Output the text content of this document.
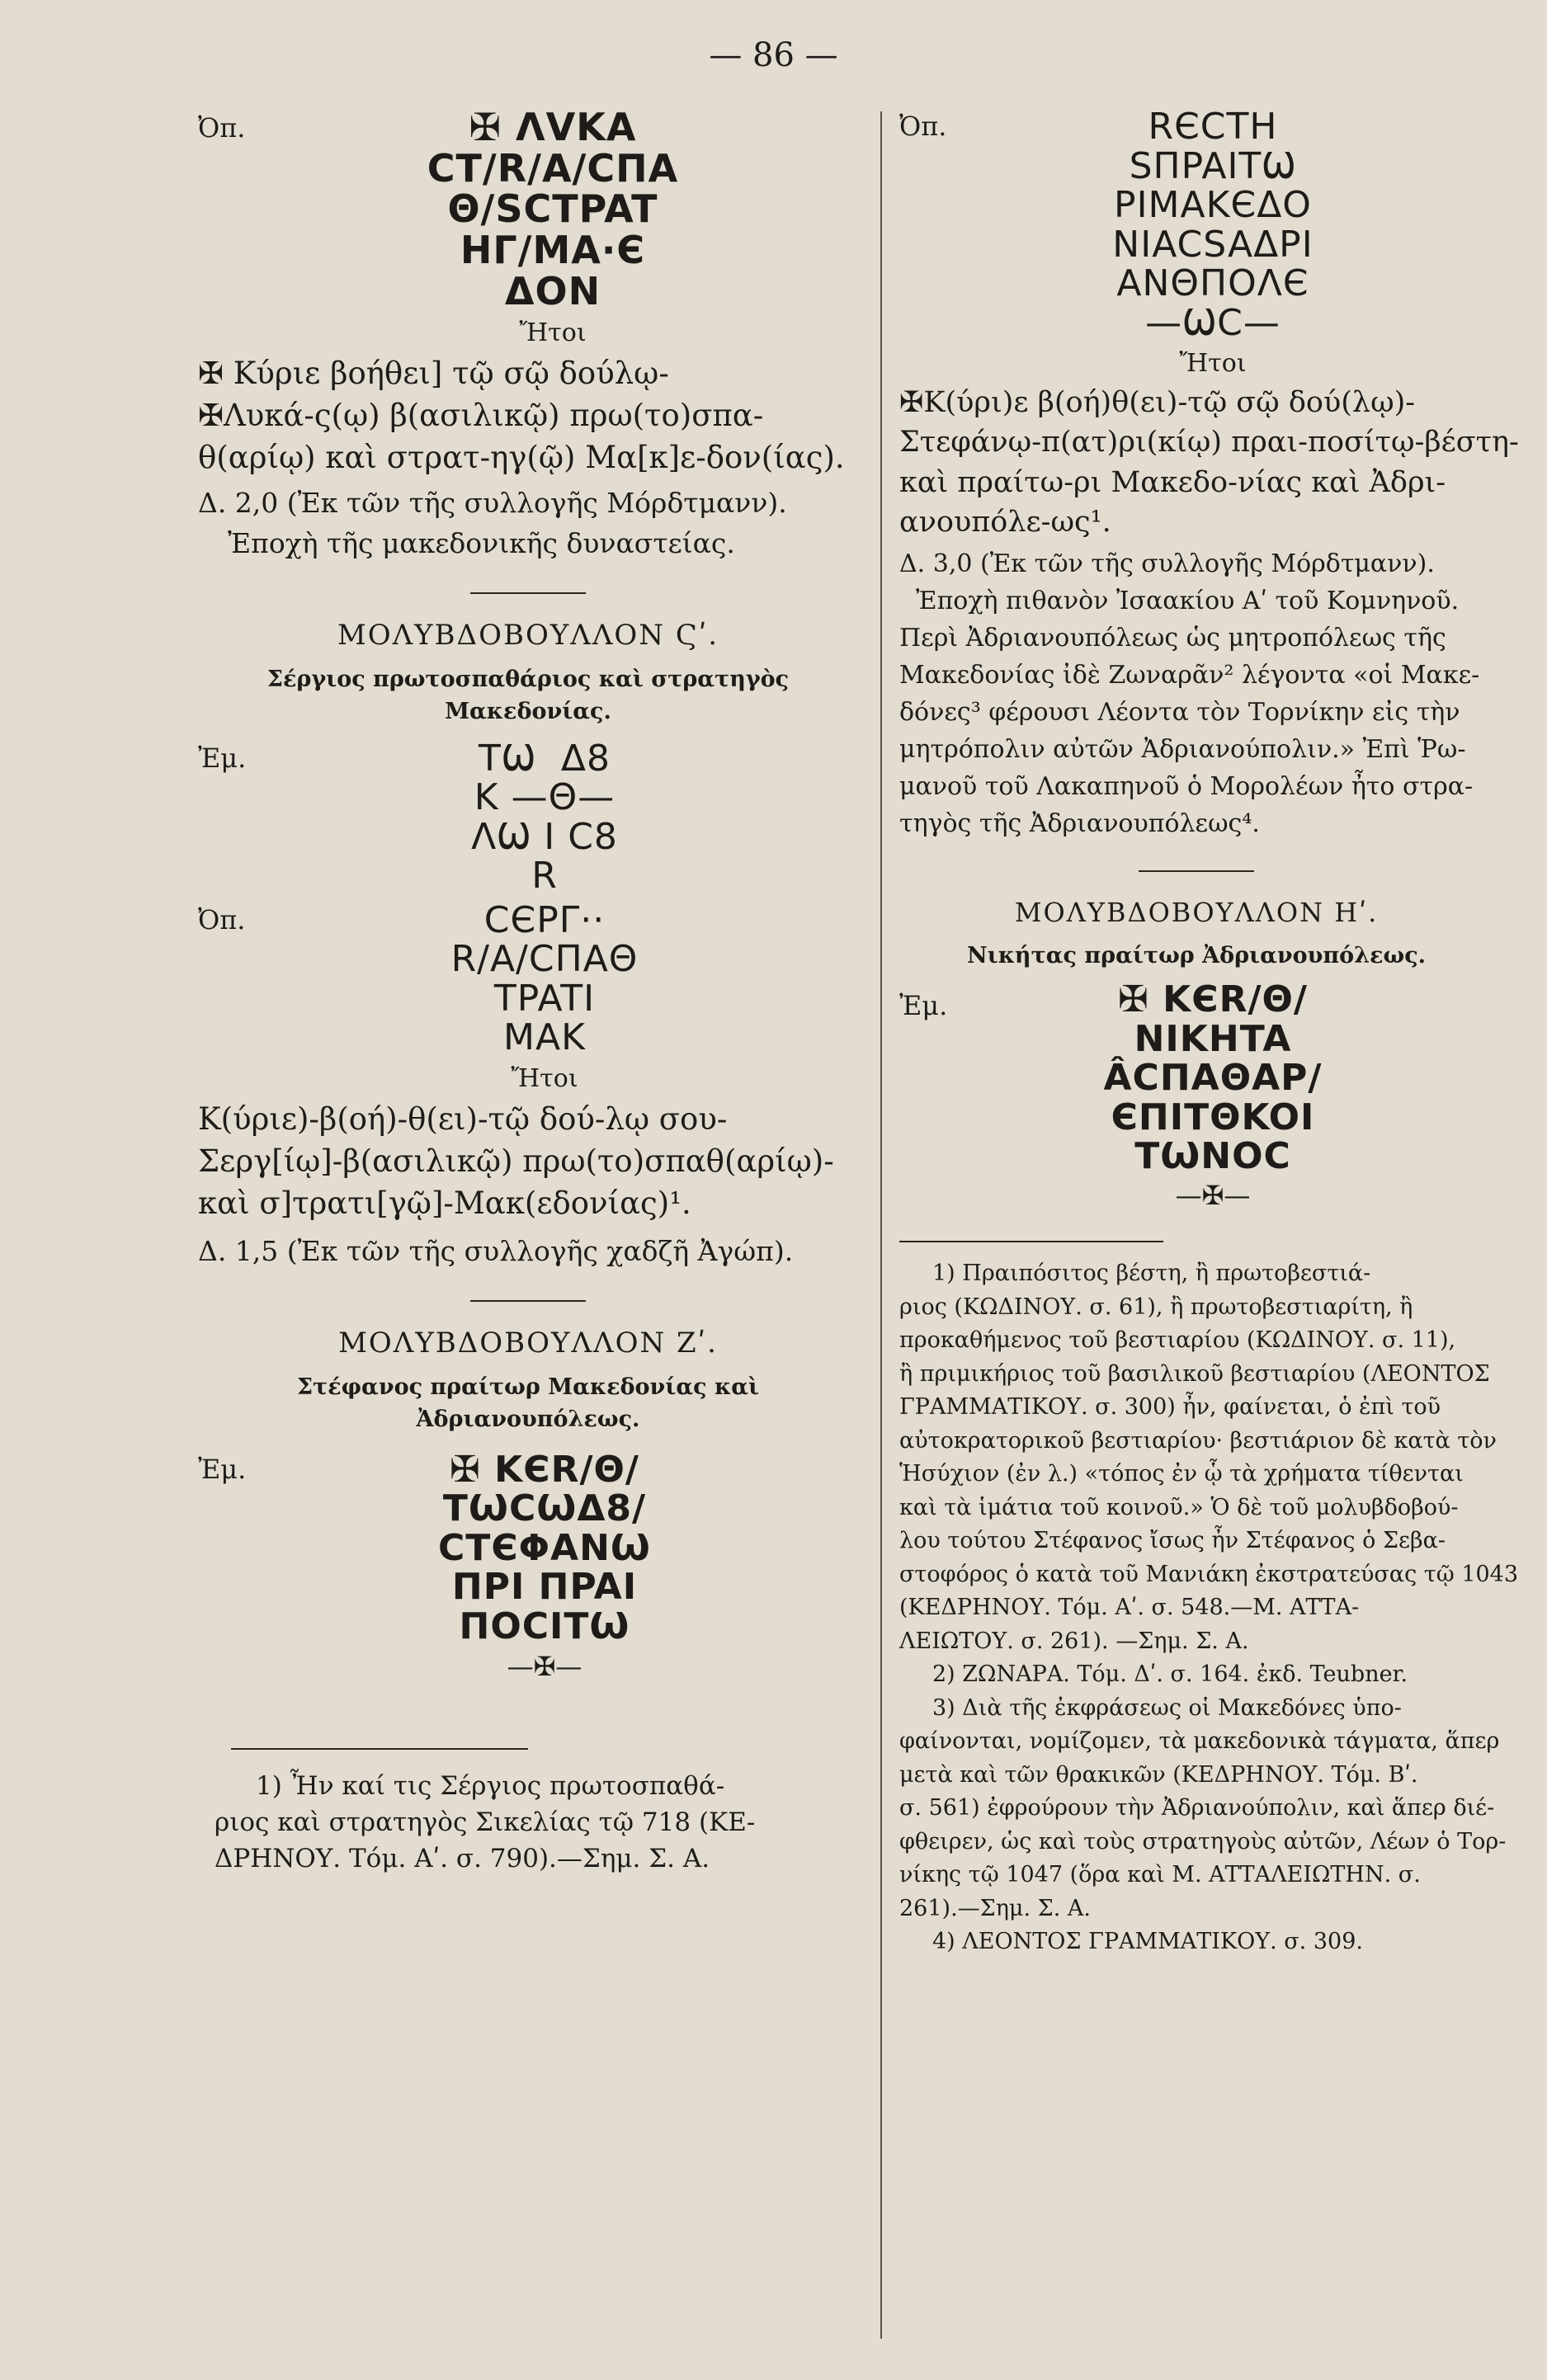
— 86 —
Ὀπ.	✠ ΛVΚΑ
CT/R/A/CΠA
Θ/SCTPAT
HΓ/MA·Є
ΔON
Ἤτοι
✠ Κύριε βοήθει] τῷ σῷ δούλῳ-
✠Λυκά-ς(ῳ) β(ασιλικῷ) πρω(το)σπα-
θ(αρίῳ) καὶ στρατ-ηγ(ῷ) Μα[κ]ε-δον(ίας).
Δ. 2,0 (Ἐκ τῶν τῆς συλλογῆς Μόρδτμανν).
Ἐποχὴ τῆς μακεδονικῆς δυναστείας.
ΜΟΛΥΒΔΟΒΟΥΛΛΟΝ Ϛʹ.
Σέργιος πρωτοσπαθάριος καὶ στρατηγὸς
Μακεδονίας.
Ἐμ.	ΤѠ  Δ8
K —Θ—
ΛѠ I C8
R
Ὀπ.	CЄΡΓ··
R/A/CΠAΘ
TPATI
MAK
Ἤτοι
Κ(ύριε)-β(οή)-θ(ει)-τῷ δού-λῳ σου-
Σεργ[ίῳ]-β(ασιλικῷ) πρω(το)σπαθ(αρίῳ)-
καὶ σ]τρατι[γῷ]-Μακ(εδονίας)¹.
Δ. 1,5 (Ἐκ τῶν τῆς συλλογῆς χαδζῆ Ἀγώπ).
ΜΟΛΥΒΔΟΒΟΥΛΛΟΝ Ζʹ.
Στέφανος πραίτωρ Μακεδονίας καὶ
Ἀδριανουπόλεως.
Ἐμ.	✠ KЄR/Θ/
TѠCѠΔ8/
CTЄΦANѠ
ΠPI ΠPAI
ΠOCITѠ
—✠—
1) Ἦν καί τις Σέργιος πρωτοσπαθά-
ριος καὶ στρατηγὸς Σικελίας τῷ 718 (ΚΕ-
ΔΡΗΝΟΥ. Τόμ. Αʹ. σ. 790).—Σημ. Σ. Α.
Ὀπ.	RЄCTH
SΠPAITѠ
PIMAKЄΔO
NIACSAΔPI
ANΘΠOΛЄ
—ѠC—
Ἤτοι
✠Κ(ύρι)ε β(οή)θ(ει)-τῷ σῷ δού(λῳ)-
Στεφάνῳ-π(ατ)ρι(κίῳ) πραι-ποσίτῳ-βέστη-
καὶ πραίτω-ρι Μακεδο-νίας καὶ Ἀδρι-
ανουπόλε-ως¹.
Δ. 3,0 (Ἐκ τῶν τῆς συλλογῆς Μόρδτμανν).
Ἐποχὴ πιθανὸν Ἰσαακίου Αʹ τοῦ Κομνηνοῦ.
Περὶ Ἀδριανουπόλεως ὡς μητροπόλεως τῆς
Μακεδονίας ἰδὲ Ζωναρᾶν² λέγοντα «οἱ Μακε-
δόνες³ φέρουσι Λέοντα τὸν Τορνίκην εἰς τὴν
μητρόπολιν αὐτῶν Ἀδριανούπολιν.» Ἐπὶ Ῥω-
μανοῦ τοῦ Λακαπηνοῦ ὁ Μορολέων ἦτο στρα-
τηγὸς τῆς Ἀδριανουπόλεως⁴.
ΜΟΛΥΒΔΟΒΟΥΛΛΟΝ Ηʹ.
Νικήτας πραίτωρ Ἀδριανουπόλεως.
Ἐμ.	✠ KЄR/Θ/
NIKHTA
ÂCΠAΘAP/
ЄΠITΘKOI
TѠNOC
—✠—
1) Πραιπόσιτος βέστη, ἢ πρωτοβεστιά-
ριος (ΚΩΔΙΝΟΥ. σ. 61), ἢ πρωτοβεστιαρίτη, ἢ
προκαθήμενος τοῦ βεστιαρίου (ΚΩΔΙΝΟΥ. σ. 11),
ἢ πριμικήριος τοῦ βασιλικοῦ βεστιαρίου (ΛΕΟΝΤΟΣ
ΓΡΑΜΜΑΤΙΚΟΥ. σ. 300) ἦν, φαίνεται, ὁ ἐπὶ τοῦ
αὐτοκρατορικοῦ βεστιαρίου· βεστιάριον δὲ κατὰ τὸν
Ἡσύχιον (ἐν λ.) «τόπος ἐν ᾧ τὰ χρήματα τίθενται
καὶ τὰ ἱμάτια τοῦ κοινοῦ.» Ὁ δὲ τοῦ μολυβδοβού-
λου τούτου Στέφανος ἴσως ἦν Στέφανος ὁ Σεβα-
στοφόρος ὁ κατὰ τοῦ Μανιάκη ἐκστρατεύσας τῷ 1043
(ΚΕΔΡΗΝΟΥ. Τόμ. Αʹ. σ. 548.—Μ. ΑΤΤΑ-
ΛΕΙΩΤΟΥ. σ. 261). —Σημ. Σ. Α.
2) ΖΩΝΑΡΑ. Τόμ. Δʹ. σ. 164. ἐκδ. Teubner.
3) Διὰ τῆς ἐκφράσεως οἱ Μακεδόνες ὑπο-
φαίνονται, νομίζομεν, τὰ μακεδονικὰ τάγματα, ἅπερ
μετὰ καὶ τῶν θρακικῶν (ΚΕΔΡΗΝΟΥ. Τόμ. Βʹ.
σ. 561) ἐφρούρουν τὴν Ἀδριανούπολιν, καὶ ἅπερ διέ-
φθειρεν, ὡς καὶ τοὺς στρατηγοὺς αὐτῶν, Λέων ὁ Τορ-
νίκης τῷ 1047 (ὅρα καὶ Μ. ΑΤΤΑΛΕΙΩΤΗΝ. σ.
261).—Σημ. Σ. Α.
4) ΛΕΟΝΤΟΣ ΓΡΑΜΜΑΤΙΚΟΥ. σ. 309.
